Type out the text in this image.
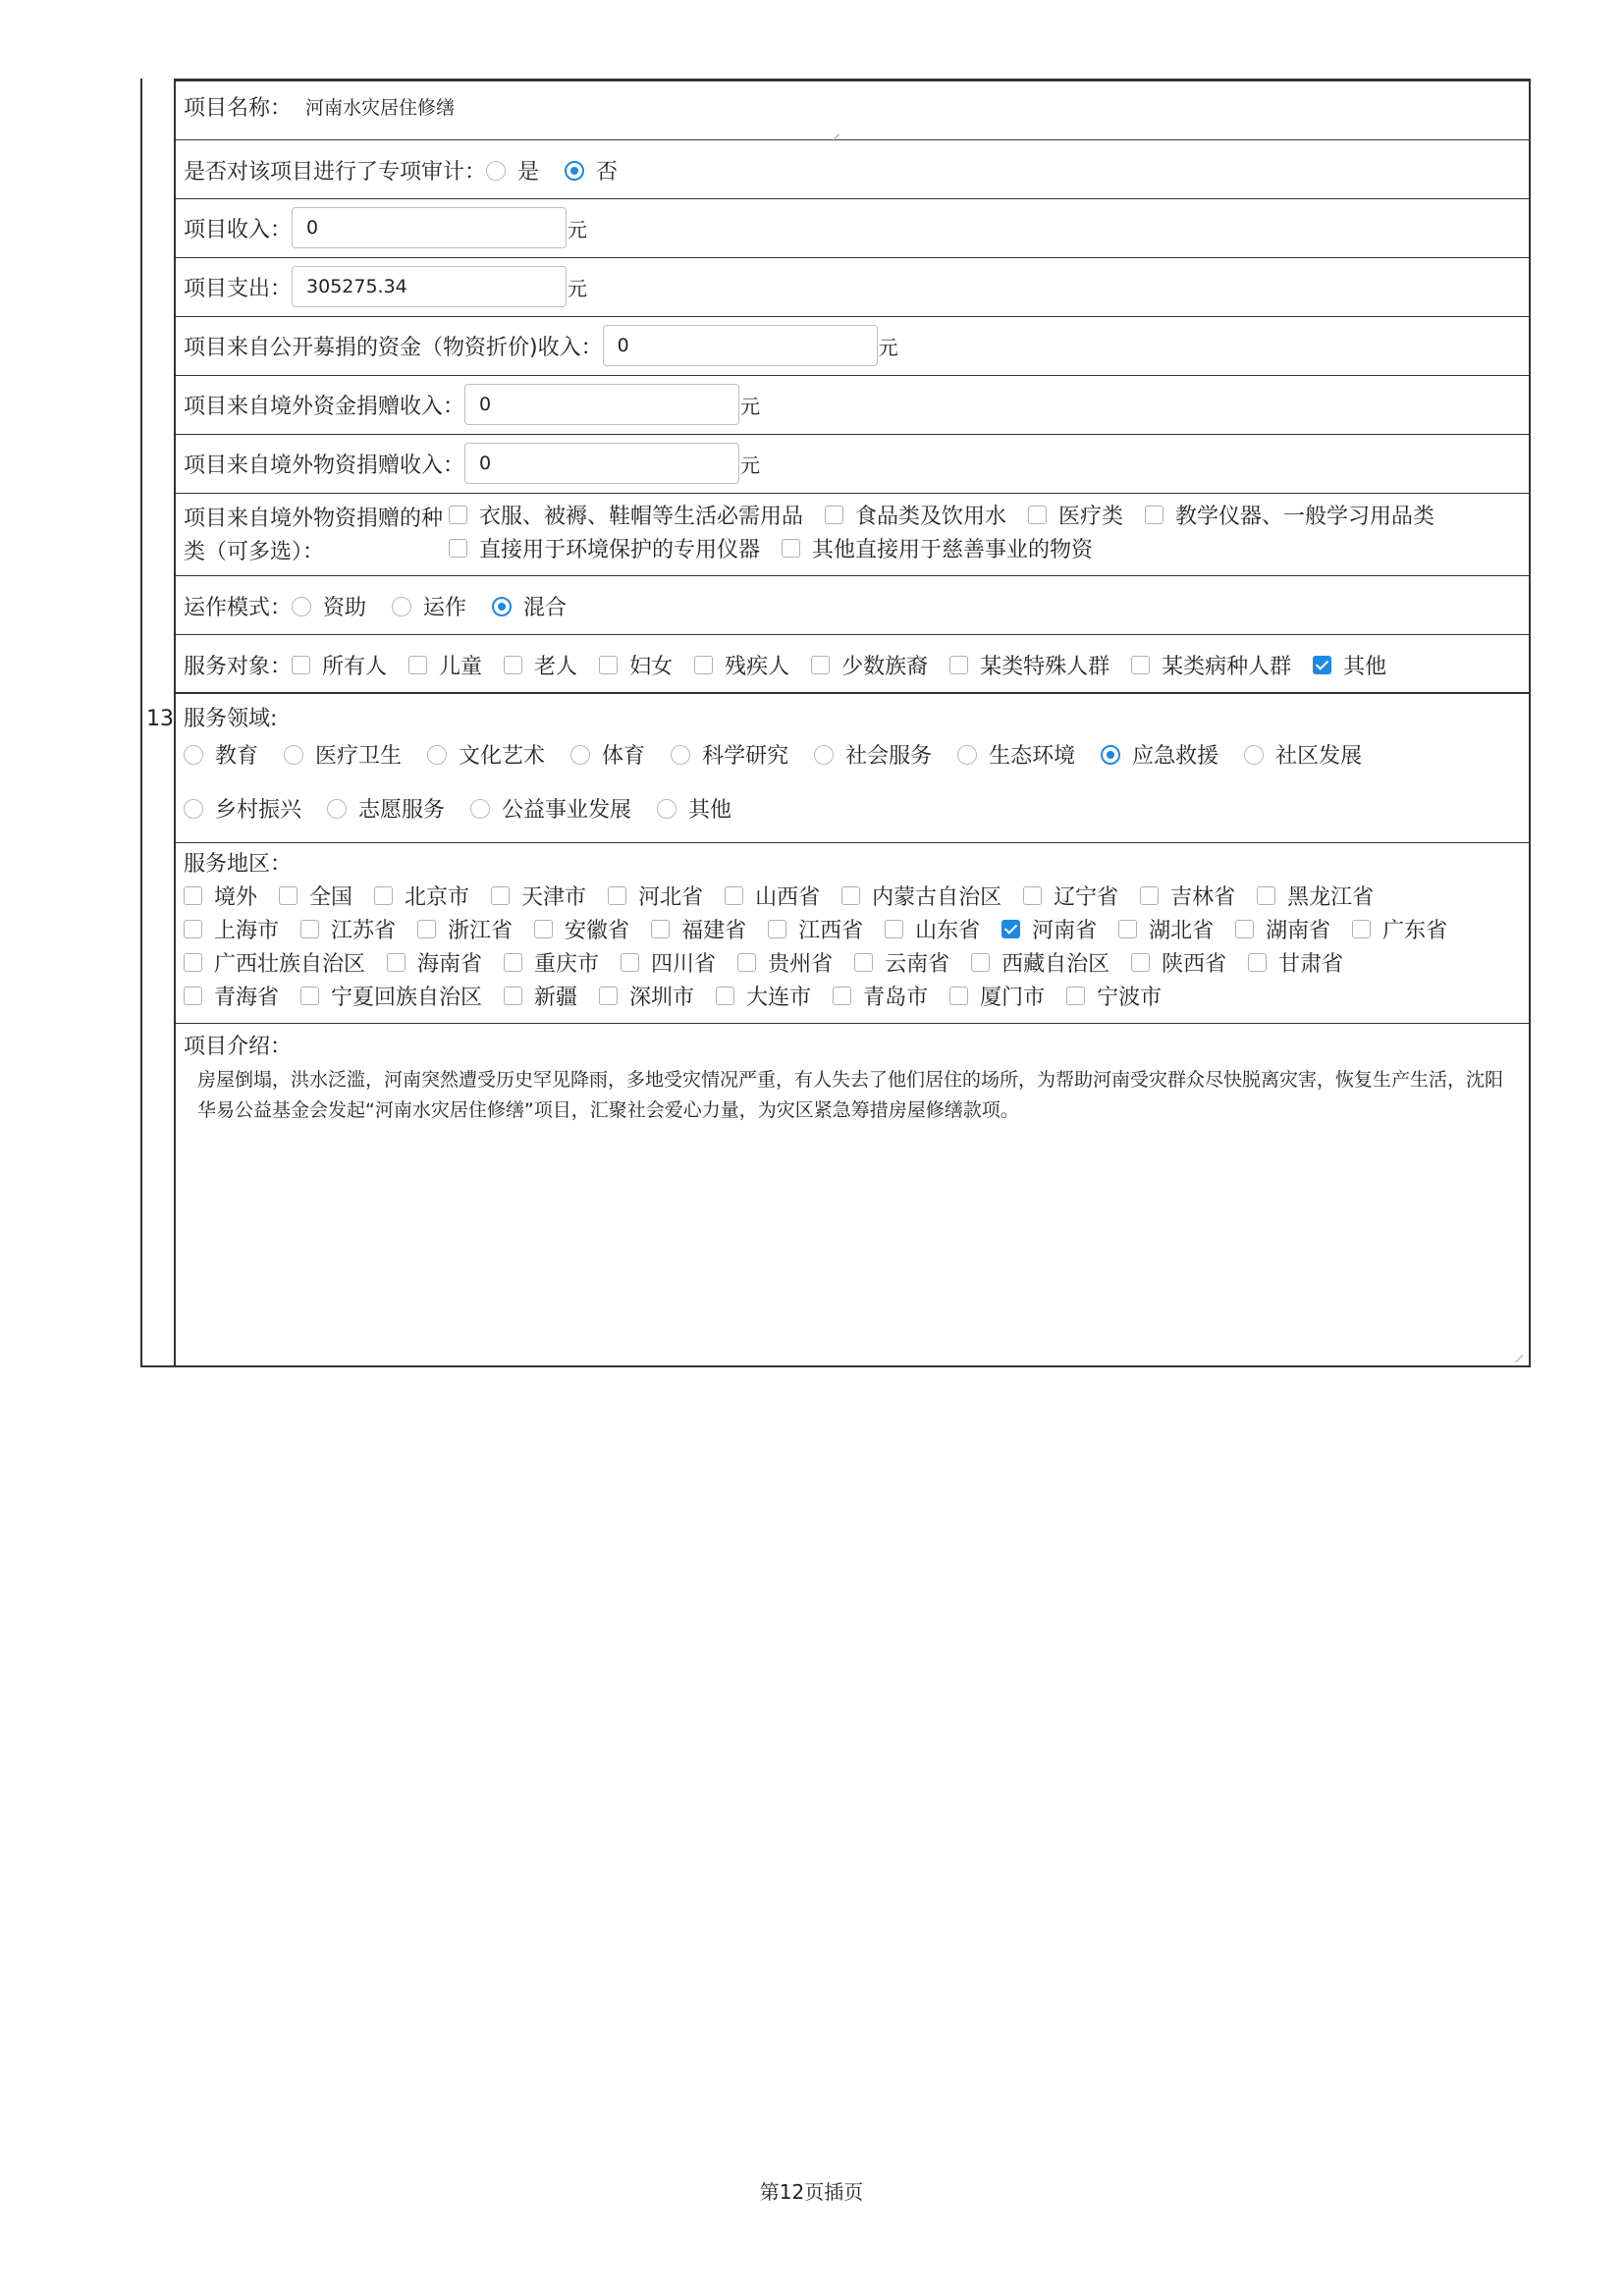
13
项目名称： 河南水灾居住修缮
是否对该项目进行了专项审计： 是	否
项目收入： 0	元
项目支出： 305275.34	元
项目来自公开募捐的资金（物资折价)收入： 0	元
项目来自境外资金捐赠收入： 0	元
项目来自境外物资捐赠收入： 0	元
项目来自境外物资捐赠的种
类（可多选）：
衣服、被褥、鞋帽等生活必需用品 食品类及饮用水 医疗类 教学仪器、一般学习用品类
直接用于环境保护的专用仪器 其他直接用于慈善事业的物资
运作模式： 资助	运作	混合
服务对象： 所有人 儿童 老人 妇女 残疾人 少数族裔 某类特殊人群 某类病种人群 其他
服务领域:
教育	医疗卫生	文化艺术	体育	科学研究	社会服务	生态环境	应急救援	社区发展
乡村振兴	志愿服务	公益事业发展	其他
服务地区：
境外 全国 北京市 天津市 河北省 山西省 内蒙古自治区 辽宁省 吉林省 黑龙江省
上海市 江苏省 浙江省 安徽省 福建省 江西省 山东省 河南省 湖北省 湖南省 广东省
广西壮族自治区 海南省 重庆市 四川省 贵州省 云南省 西藏自治区 陕西省 甘肃省
青海省 宁夏回族自治区 新疆 深圳市 大连市 青岛市 厦门市 宁波市
项目介绍：
房屋倒塌，洪水泛滥，河南突然遭受历史罕见降雨，多地受灾情况严重，有人失去了他们居住的场所，为帮助河南受灾群众尽快脱离灾害，恢复生产生活，沈阳华易公益基金会发起“河南水灾居住修缮”项目，汇聚社会爱心力量，为灾区紧急筹措房屋修缮款项。
第12页插页
